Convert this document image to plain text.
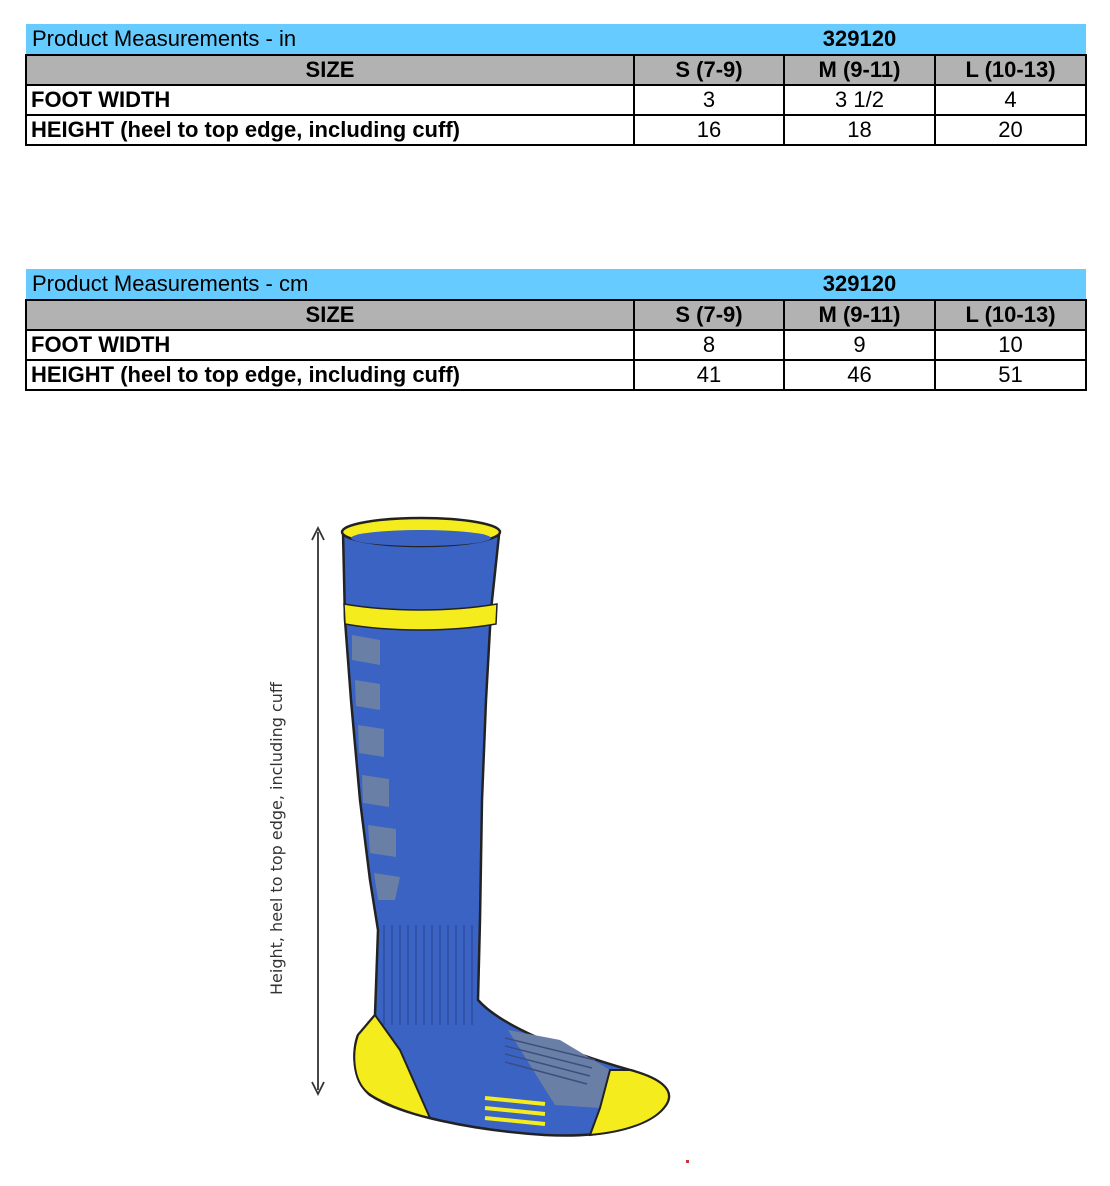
Product Measurements - in		329120	
SIZE	S (7-9)	M (9-11)	L (10-13)
FOOT WIDTH	3	3 1/2	4
HEIGHT (heel to top edge, including cuff)	16	18	20
Product Measurements - cm		329120	
SIZE	S (7-9)	M (9-11)	L (10-13)
FOOT WIDTH	8	9	10
HEIGHT (heel to top edge, including cuff)	41	46	51
Height, heel to top edge, including cuff
